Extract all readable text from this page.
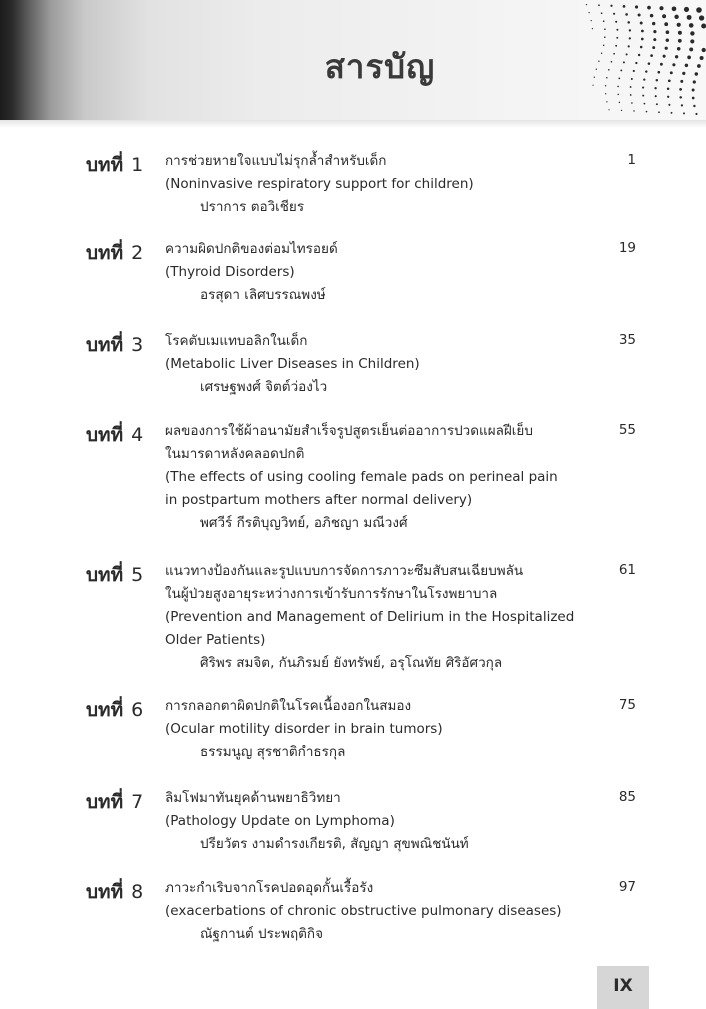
สารบัญ
บทที่ 1 การช่วยหายใจแบบไม่รุกล้ำสำหรับเด็ก
(Noninvasive respiratory support for children)
ปราการ ตอวิเชียร
1
บทที่ 2 ความผิดปกติของต่อมไทรอยด์
(Thyroid Disorders)
อรสุดา เลิศบรรณพงษ์
19
บทที่ 3 โรคตับเมแทบอลิกในเด็ก
(Metabolic Liver Diseases in Children)
เศรษฐพงศ์ จิตต์ว่องไว
35
บทที่ 4 ผลของการใช้ผ้าอนามัยสำเร็จรูปสูตรเย็นต่ออาการปวดแผลฝีเย็บ
ในมารดาหลังคลอดปกติ
(The effects of using cooling female pads on perineal pain
in postpartum mothers after normal delivery)
พศวีร์ กีรติบุญวิทย์, อภิชญา มณีวงศ์
55
บทที่ 5 แนวทางป้องกันและรูปแบบการจัดการภาวะซึมสับสนเฉียบพลัน
ในผู้ป่วยสูงอายุระหว่างการเข้ารับการรักษาในโรงพยาบาล
(Prevention and Management of Delirium in the Hospitalized
Older Patients)
ศิริพร สมจิต, กันภิรมย์ ยังทรัพย์, อรุโณทัย ศิริอัศวกุล
61
บทที่ 6 การกลอกตาผิดปกติในโรคเนื้องอกในสมอง
(Ocular motility disorder in brain tumors)
ธรรมนูญ สุรชาติกำธรกุล
75
บทที่ 7 ลิมโฟมาทันยุคด้านพยาธิวิทยา
(Pathology Update on Lymphoma)
ปรียวัตร งามดำรงเกียรติ, สัญญา สุขพณิชนันท์
85
บทที่ 8 ภาวะกำเริบจากโรคปอดอุดกั้นเรื้อรัง
(exacerbations of chronic obstructive pulmonary diseases)
ณัฐกานต์ ประพฤติกิจ
97
IX
